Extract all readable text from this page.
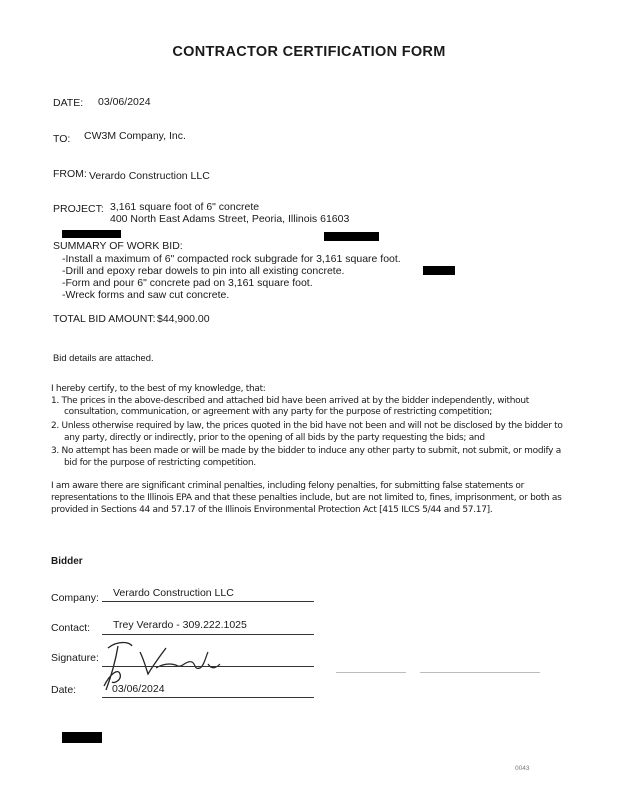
CONTRACTOR CERTIFICATION FORM
DATE: 03/06/2024
TO: CW3M Company, Inc.
FROM: Verardo Construction LLC
PROJECT: 3,161 square foot of 6" concrete
400 North East Adams Street, Peoria, Illinois 61603
SUMMARY OF WORK BID:
-Install a maximum of 6" compacted rock subgrade for 3,161 square foot.
-Drill and epoxy rebar dowels to pin into all existing concrete.
-Form and pour 6" concrete pad on 3,161 square foot.
-Wreck forms and saw cut concrete.
TOTAL BID AMOUNT: $44,900.00
Bid details are attached.
I hereby certify, to the best of my knowledge, that:
1. The prices in the above-described and attached bid have been arrived at by the bidder independently, without
consultation, communication, or agreement with any party for the purpose of restricting competition;
2. Unless otherwise required by law, the prices quoted in the bid have not been and will not be disclosed by the bidder to
any party, directly or indirectly, prior to the opening of all bids by the party requesting the bids; and
3. No attempt has been made or will be made by the bidder to induce any other party to submit, not submit, or modify a
bid for the purpose of restricting competition.
I am aware there are significant criminal penalties, including felony penalties, for submitting false statements or
representations to the Illinois EPA and that these penalties include, but are not limited to, fines, imprisonment, or both as
provided in Sections 44 and 57.17 of the Illinois Environmental Protection Act [415 ILCS 5/44 and 57.17].
Bidder
Company: Verardo Construction LLC
Contact: Trey Verardo - 309.222.1025
Signature:
Date:	03/06/2024
0043
